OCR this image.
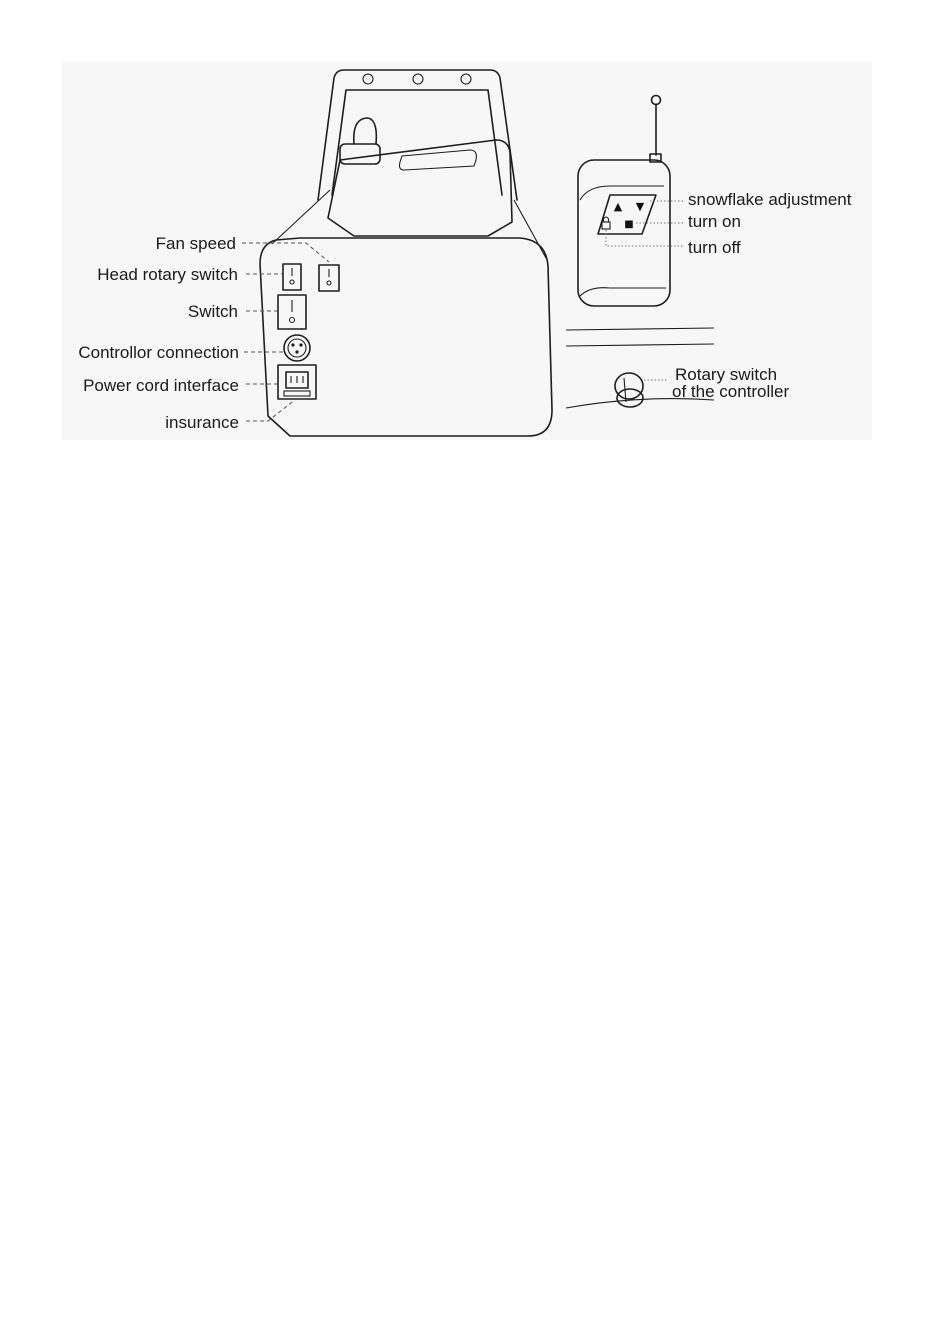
Fan speed
Head rotary switch
Switch
Controllor connection
Power cord interface
insurance
▲ ▼
■
snowflake adjustment
turn on
turn off
Rotary switch
of the controller
